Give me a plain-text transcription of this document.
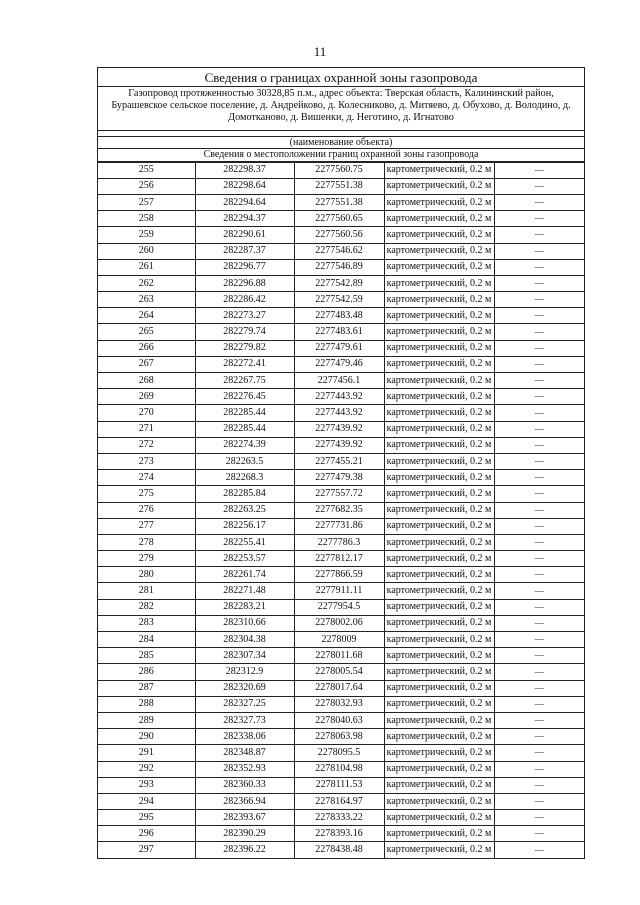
11
Сведения о границах охранной зоны газопровода
Газопровод протяженностью 30328,85 п.м., адрес объекта: Тверская область, Калининский район, Бурашевское сельское поселение, д. Андрейково, д. Колесниково, д. Митяево, д. Обухово, д. Володино, д. Домотканово, д. Вишенки, д. Неготино, д. Игнатово
(наименование объекта)
Сведения о местоположении границ охранной зоны газопровода
255	282298.37	2277560.75	картометрический, 0.2 м	—
256	282298.64	2277551.38	картометрический, 0.2 м	—
257	282294.64	2277551.38	картометрический, 0.2 м	—
258	282294.37	2277560.65	картометрический, 0.2 м	—
259	282290.61	2277560.56	картометрический, 0.2 м	—
260	282287.37	2277546.62	картометрический, 0.2 м	—
261	282296.77	2277546.89	картометрический, 0.2 м	—
262	282296.88	2277542.89	картометрический, 0.2 м	—
263	282286.42	2277542.59	картометрический, 0.2 м	—
264	282273.27	2277483.48	картометрический, 0.2 м	—
265	282279.74	2277483.61	картометрический, 0.2 м	—
266	282279.82	2277479.61	картометрический, 0.2 м	—
267	282272.41	2277479.46	картометрический, 0.2 м	—
268	282267.75	2277456.1	картометрический, 0.2 м	—
269	282276.45	2277443.92	картометрический, 0.2 м	—
270	282285.44	2277443.92	картометрический, 0.2 м	—
271	282285.44	2277439.92	картометрический, 0.2 м	—
272	282274.39	2277439.92	картометрический, 0.2 м	—
273	282263.5	2277455.21	картометрический, 0.2 м	—
274	282268.3	2277479.38	картометрический, 0.2 м	—
275	282285.84	2277557.72	картометрический, 0.2 м	—
276	282263.25	2277682.35	картометрический, 0.2 м	—
277	282256.17	2277731.86	картометрический, 0.2 м	—
278	282255.41	2277786.3	картометрический, 0.2 м	—
279	282253.57	2277812.17	картометрический, 0.2 м	—
280	282261.74	2277866.59	картометрический, 0.2 м	—
281	282271.48	2277911.11	картометрический, 0.2 м	—
282	282283.21	2277954.5	картометрический, 0.2 м	—
283	282310.66	2278002.06	картометрический, 0.2 м	—
284	282304.38	2278009	картометрический, 0.2 м	—
285	282307.34	2278011.68	картометрический, 0.2 м	—
286	282312.9	2278005.54	картометрический, 0.2 м	—
287	282320.69	2278017.64	картометрический, 0.2 м	—
288	282327.25	2278032.93	картометрический, 0.2 м	—
289	282327.73	2278040.63	картометрический, 0.2 м	—
290	282338.06	2278063.98	картометрический, 0.2 м	—
291	282348.87	2278095.5	картометрический, 0.2 м	—
292	282352.93	2278104.98	картометрический, 0.2 м	—
293	282360.33	2278111.53	картометрический, 0.2 м	—
294	282366.94	2278164.97	картометрический, 0.2 м	—
295	282393.67	2278333.22	картометрический, 0.2 м	—
296	282390.29	2278393.16	картометрический, 0.2 м	—
297	282396.22	2278438.48	картометрический, 0.2 м	—
